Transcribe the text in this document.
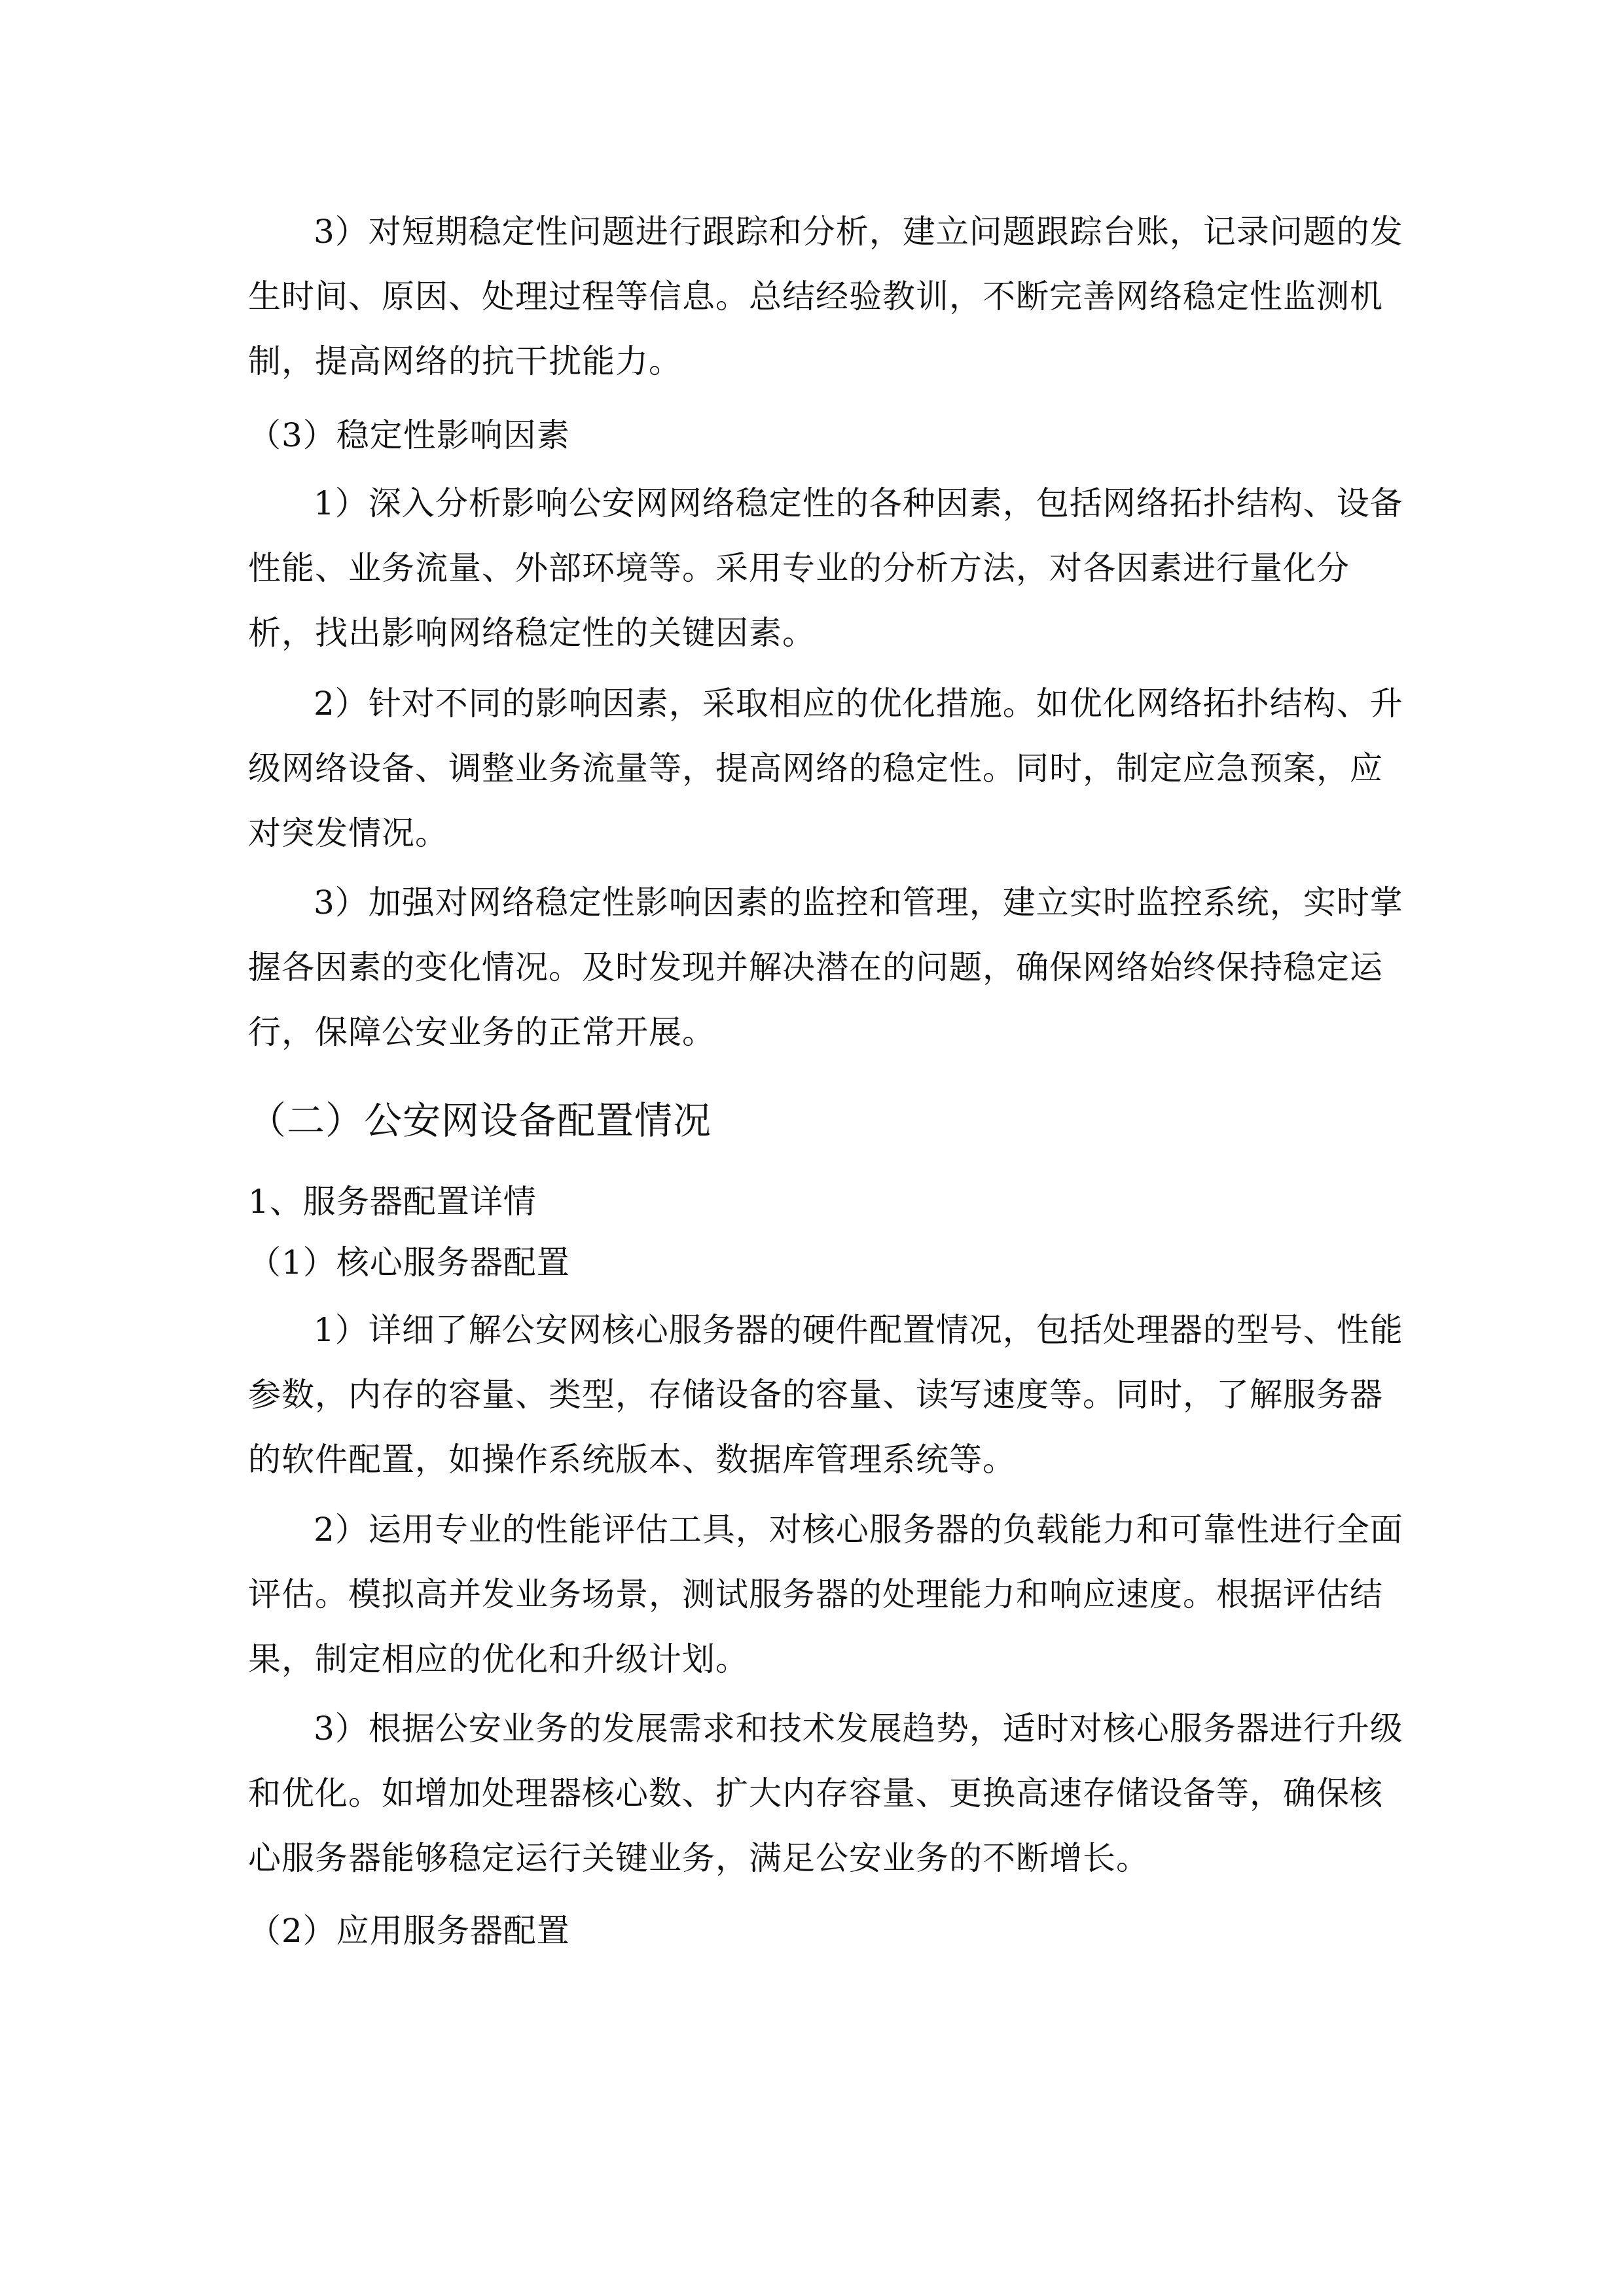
3）对短期稳定性问题进行跟踪和分析，建立问题跟踪台账，记录问题的发
生时间、原因、处理过程等信息。总结经验教训，不断完善网络稳定性监测机
制，提高网络的抗干扰能力。
（3）稳定性影响因素
1）深入分析影响公安网网络稳定性的各种因素，包括网络拓扑结构、设备
性能、业务流量、外部环境等。采用专业的分析方法，对各因素进行量化分
析，找出影响网络稳定性的关键因素。
2）针对不同的影响因素，采取相应的优化措施。如优化网络拓扑结构、升
级网络设备、调整业务流量等，提高网络的稳定性。同时，制定应急预案，应
对突发情况。
3）加强对网络稳定性影响因素的监控和管理，建立实时监控系统，实时掌
握各因素的变化情况。及时发现并解决潜在的问题，确保网络始终保持稳定运
行，保障公安业务的正常开展。
（二）公安网设备配置情况
1、服务器配置详情
（1）核心服务器配置
1）详细了解公安网核心服务器的硬件配置情况，包括处理器的型号、性能
参数，内存的容量、类型，存储设备的容量、读写速度等。同时，了解服务器
的软件配置，如操作系统版本、数据库管理系统等。
2）运用专业的性能评估工具，对核心服务器的负载能力和可靠性进行全面
评估。模拟高并发业务场景，测试服务器的处理能力和响应速度。根据评估结
果，制定相应的优化和升级计划。
3）根据公安业务的发展需求和技术发展趋势，适时对核心服务器进行升级
和优化。如增加处理器核心数、扩大内存容量、更换高速存储设备等，确保核
心服务器能够稳定运行关键业务，满足公安业务的不断增长。
（2）应用服务器配置
